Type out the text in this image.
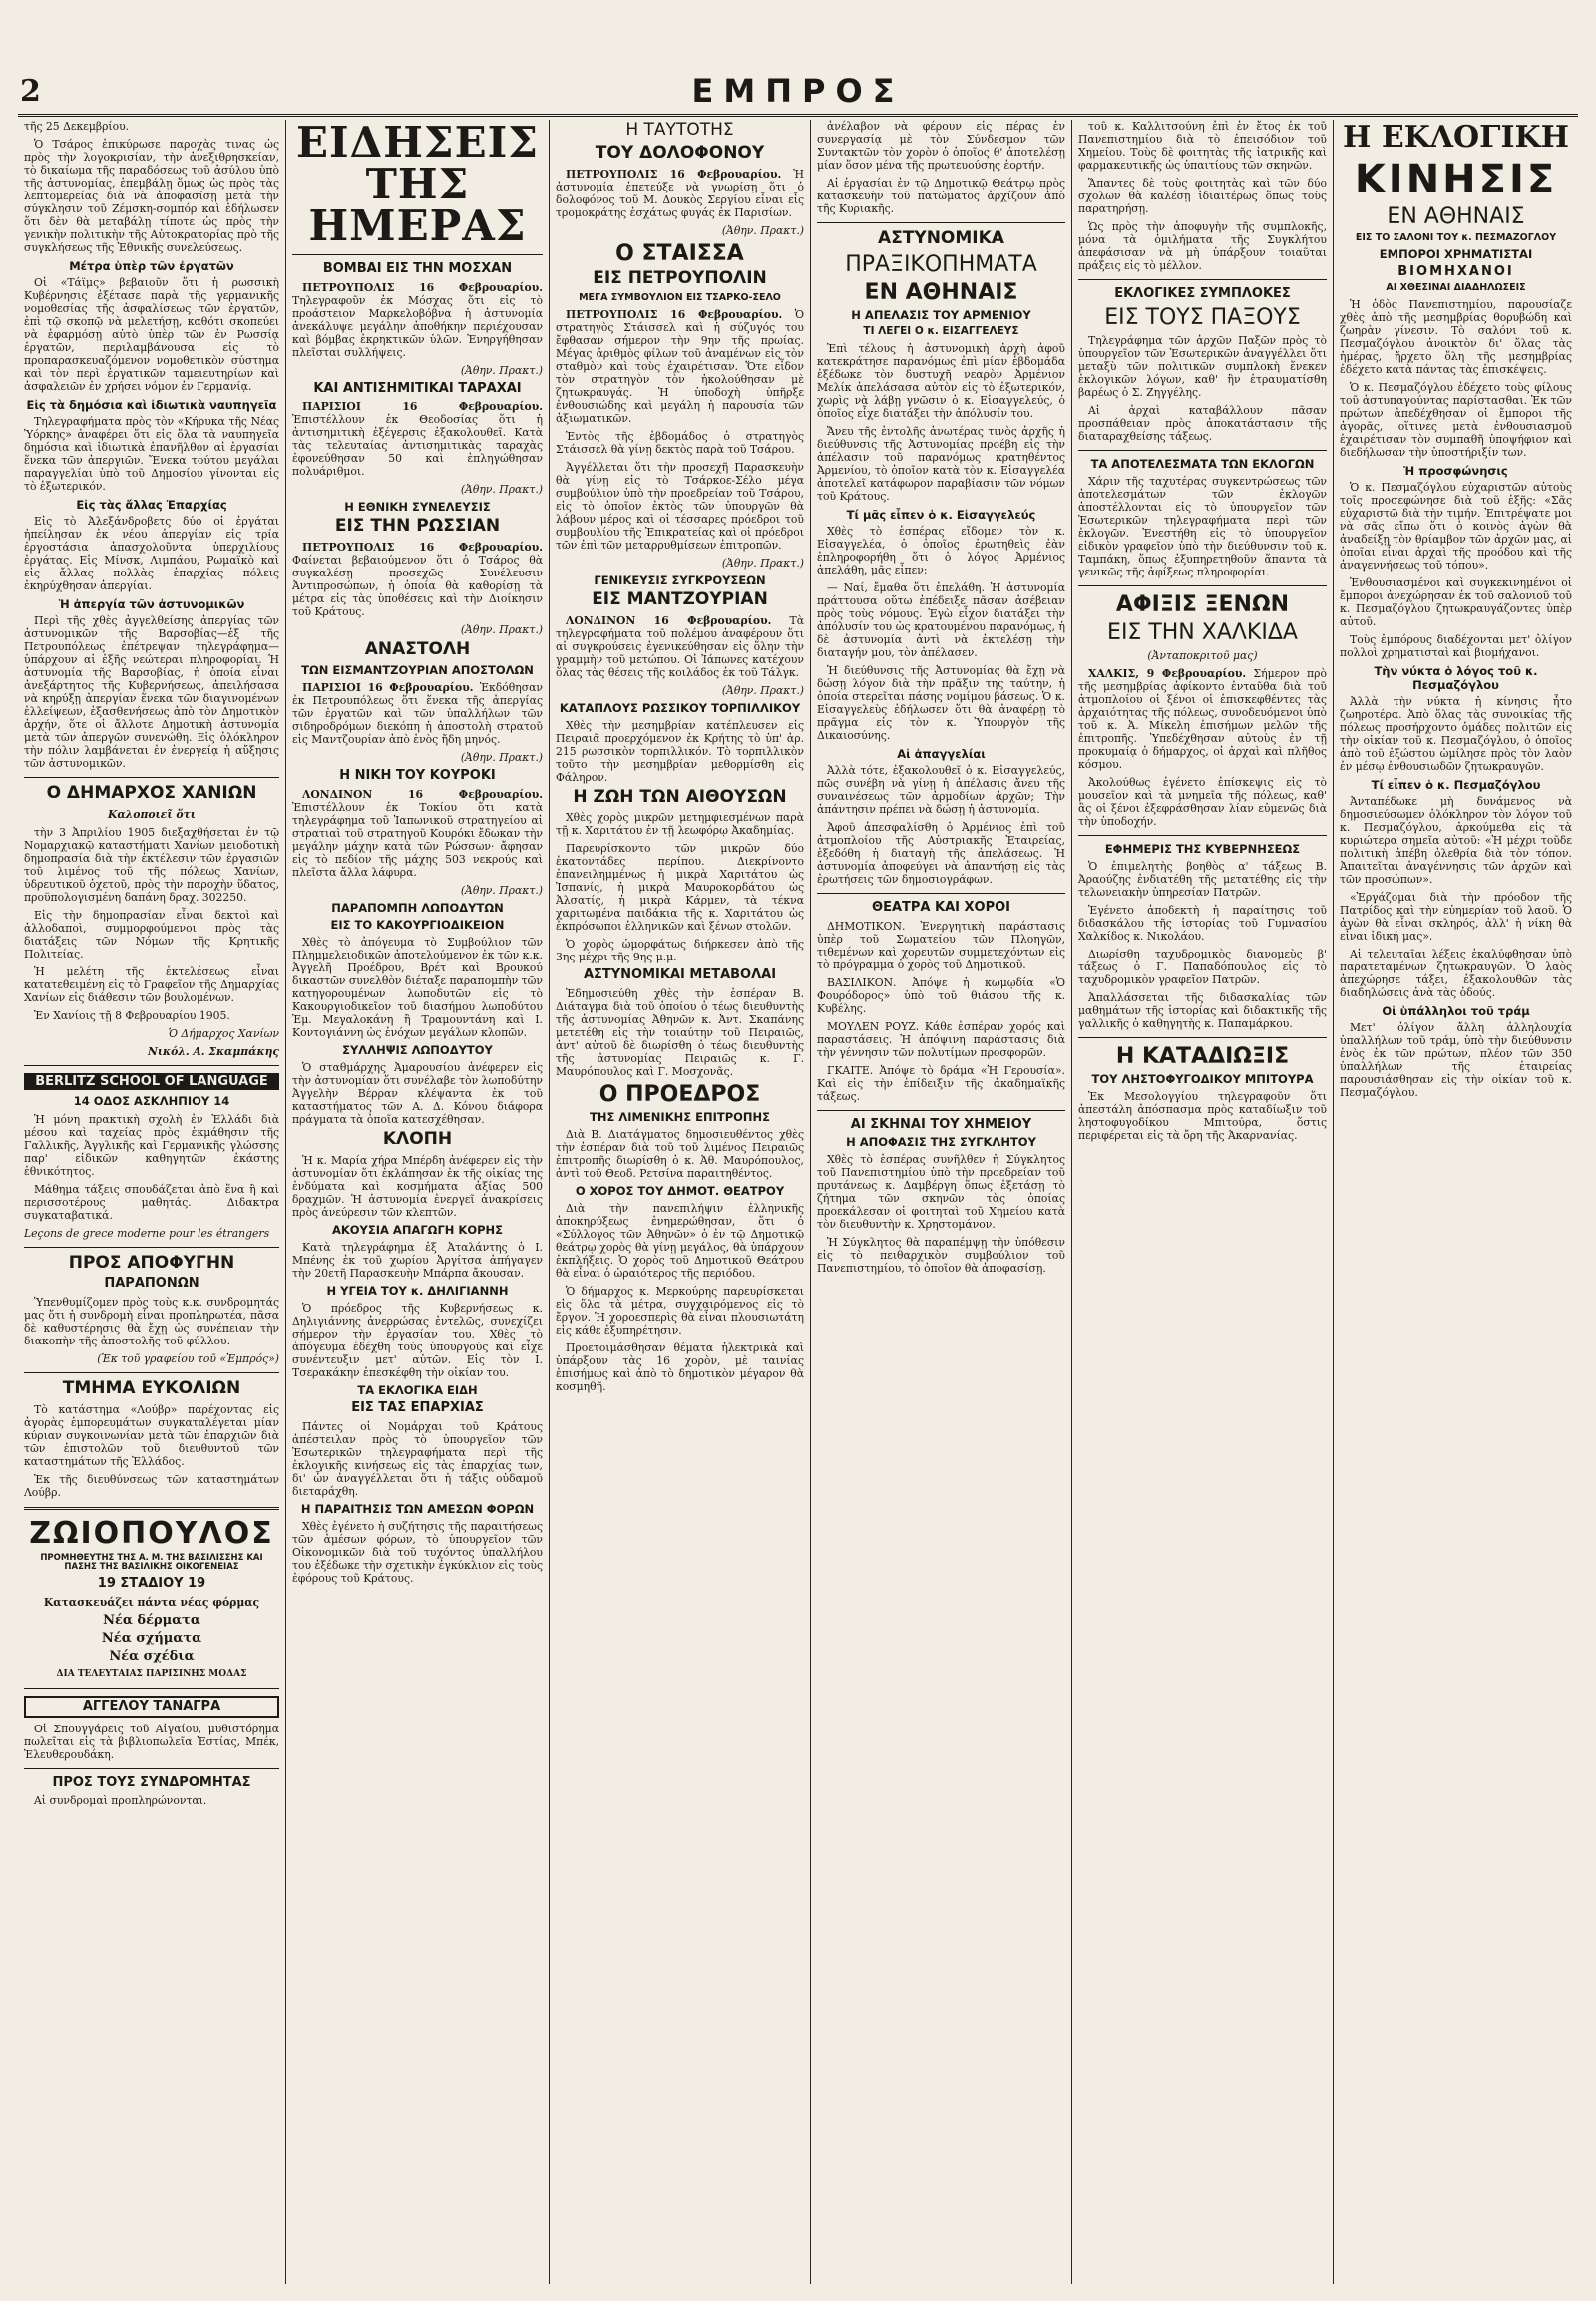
2	ΕΜΠΡΟΣ

τῆς 25 Δεκεμβρίου.

Ὁ Τσάρος ἐπικύρωσε παροχὰς τινας ὡς πρὸς τὴν λογοκρισίαν, τὴν ἀνεξιθρησκείαν, τὸ δικαίωμα τῆς παραδόσεως τοῦ ἀσύλου ὑπὸ τῆς ἀστυνομίας, ἐπεμβάλῃ ὅμως ὡς πρὸς τὰς λεπτομερείας διὰ νὰ ἀποφασίσῃ μετὰ τὴν σύγκλησιν τοῦ Ζέμσκη-σομπόρ καὶ ἐδήλωσεν ὅτι δὲν θὰ μεταβάλῃ τίποτε ὡς πρὸς τὴν γενικὴν πολιτικὴν τῆς Αὐτοκρατορίας πρὸ τῆς συγκλήσεως τῆς Ἐθνικῆς συνελεύσεως.

Μέτρα ὑπὲρ τῶν ἐργατῶν

Οἱ «Τάϊμς» βεβαιοῦν ὅτι ἡ ρωσσικὴ Κυβέρνησις ἐξέτασε παρὰ τῆς γερμανικῆς νομοθεσίας τῆς ἀσφαλίσεως τῶν ἐργατῶν, ἐπὶ τῷ σκοπῷ νὰ μελετήσῃ, καθότι σκοπεύει νὰ ἐφαρμόσῃ αὐτὸ ὑπὲρ τῶν ἐν Ρωσσίᾳ ἐργατῶν, περιλαμβάνουσα εἰς τὸ προπαρασκευαζόμενον νομοθετικὸν σύστημα καὶ τὸν περὶ ἐργατικῶν ταμειευτηρίων καὶ ἀσφαλειῶν ἐν χρήσει νόμον ἐν Γερμανίᾳ.

Εἰς τὰ δημόσια καὶ ἰδιωτικὰ ναυπηγεῖα

Τηλεγραφήματα πρὸς τὸν «Κήρυκα τῆς Νέας Ὑόρκης» ἀναφέρει ὅτι εἰς ὅλα τὰ ναυπηγεῖα δημόσια καὶ ἰδιωτικὰ ἐπανῆλθον αἱ ἐργασίαι ἕνεκα τῶν ἀπεργιῶν. Ἕνεκα τούτου μεγάλαι παραγγελίαι ὑπὸ τοῦ Δημοσίου γίνονται εἰς τὸ ἐξωτερικόν.

Εἰς τὰς ἄλλας Ἐπαρχίας

Εἰς τὸ Ἀλεξάνδροβετς δύο οἱ ἐργάται ἠπείλησαν ἐκ νέου ἀπεργίαν εἰς τρία ἐργοστάσια ἀπασχολοῦντα ὑπερχιλίους ἐργάτας. Εἰς Μίνσκ, Λιμπάου, Ρωμαϊκὸ καὶ εἰς ἄλλας πολλὰς ἐπαρχίας πόλεις ἐκηρύχθησαν ἀπεργίαι.

Ἡ ἀπεργία τῶν ἀστυνομικῶν

Περὶ τῆς χθὲς ἀγγελθείσης ἀπεργίας τῶν ἀστυνομικῶν τῆς Βαρσοβίας—ἐξ τῆς Πετρουπόλεως ἐπέτρεψαν τηλεγράφημα—ὑπάρχουν αἱ ἑξῆς νεώτεραι πληροφορίαι. Ἡ ἀστυνομία τῆς Βαρσοβίας, ἡ ὁποία εἶναι ἀνεξάρτητος τῆς Κυβερνήσεως, ἀπειλήσασα νὰ κηρύξῃ ἀπεργίαν ἕνεκα τῶν διαγινομένων ἐλλείψεων, ἐξασθενήσεως ἀπὸ τὸν Δημοτικὸν ἀρχήν, ὅτε οἱ ἄλλοτε Δημοτικὴ ἀστυνομία μετὰ τῶν ἀπεργῶν συνενώθη. Εἰς ὁλόκληρον τὴν πόλιν λαμβάνεται ἐν ἐνεργείᾳ ἡ αὔξησις τῶν ἀστυνομικῶν.

Ο ΔΗΜΑΡΧΟΣ ΧΑΝΙΩΝ

Καλοποιεῖ ὅτι

τὴν 3 Ἀπριλίου 1905 διεξαχθήσεται ἐν τῷ Νομαρχιακῷ καταστήματι Χανίων μειοδοτικὴ δημοπρασία διὰ τὴν ἐκτέλεσιν τῶν ἐργασιῶν τοῦ λιμένος τοῦ τῆς πόλεως Χανίων, ὑδρευτικοῦ ὀχετοῦ, πρὸς τὴν παροχὴν ὕδατος, προϋπολογισμένη δαπάνη δραχ. 302250.

Εἰς τὴν δημοπρασίαν εἶναι δεκτοὶ καὶ ἀλλοδαποὶ, συμμορφούμενοι πρὸς τὰς διατάξεις τῶν Νόμων τῆς Κρητικῆς Πολιτείας.

Ἡ μελέτη τῆς ἐκτελέσεως εἶναι κατατεθειμένη εἰς τὸ Γραφεῖον τῆς Δημαρχίας Χανίων εἰς διάθεσιν τῶν βουλομένων.

Ἐν Χανίοις τῇ 8 Φεβρουαρίου 1905.

Ὁ Δήμαρχος Χανίων

Νικόλ. Α. Σκαμπάκης

BERLITZ SCHOOL OF LANGUAGE
14 ΟΔΟΣ ΑΣΚΛΗΠΙΟΥ 14

Ἡ μόνη πρακτικὴ σχολὴ ἐν Ἑλλάδι διὰ μέσου καὶ ταχείας πρὸς ἐκμάθησιν τῆς Γαλλικῆς, Ἀγγλικῆς καὶ Γερμανικῆς γλώσσης παρ' εἰδικῶν καθηγητῶν ἐκάστης ἐθνικότητος.

Μάθημα τάξεις σπουδάζεται ἀπὸ ἕνα ἢ καὶ περισσοτέρους μαθητάς. Διδακτρα συγκαταβατικά.

Leçons de grece moderne pour les étrangers

ΠΡΟΣ ΑΠΟΦΥΓΗΝ
ΠΑΡΑΠΟΝΩΝ

Ὑπενθυμίζομεν πρὸς τοὺς κ.κ. συνδρομητάς μας ὅτι ἡ συνδρομὴ εἶναι προπληρωτέα, πᾶσα δὲ καθυστέρησις θὰ ἔχῃ ὡς συνέπειαν τὴν διακοπὴν τῆς ἀποστολῆς τοῦ φύλλου.

(Ἐκ τοῦ γραφείου τοῦ «Ἐμπρός»)

ΤΜΗΜΑ ΕΥΚΟΛΙΩΝ

Τὸ κατάστημα «Λούβρ» παρέχοντας εἰς ἀγορὰς ἐμπορευμάτων συγκαταλέγεται μίαν κύριαν συγκοινωνίαν μετὰ τῶν ἐπαρχιῶν διὰ τῶν ἐπιστολῶν τοῦ διευθυντοῦ τῶν καταστημάτων τῆς Ἑλλάδος.

Ἐκ τῆς διευθύνσεως τῶν καταστημάτων Λούβρ.

ΖΩΙΟΠΟΥΛΟΣ
ΠΡΟΜΗΘΕΥΤΗΣ ΤΗΣ Α. Μ. ΤΗΣ ΒΑΣΙΛΙΣΣΗΣ ΚΑΙ ΠΑΣΗΣ ΤΗΣ ΒΑΣΙΛΙΚΗΣ ΟΙΚΟΓΕΝΕΙΑΣ
19 ΣΤΑΔΙΟΥ 19

Κατασκευάζει πάντα νέας φόρμας

Νέα δέρματα

Νέα σχήματα

Νέα σχέδια

ΔΙΑ ΤΕΛΕΥΤΑΙΑΣ ΠΑΡΙΣΙΝΗΣ ΜΟΔΑΣ

ΑΓΓΕΛΟΥ ΤΑΝΑΓΡΑ

Οἱ Σπουγγάρεις τοῦ Αἰγαίου, μυθιστόρημα πωλεῖται εἰς τὰ βιβλιοπωλεῖα Ἑστίας, Μπέκ, Ἐλευθερουδάκη.

ΠΡΟΣ ΤΟΥΣ ΣΥΝΔΡΟΜΗΤΑΣ

Αἱ συνδρομαὶ προπληρώνονται.

ΕΙΔΗΣΕΙΣ ΤΗΣ ΗΜΕΡΑΣ
ΒΟΜΒΑΙ ΕΙΣ ΤΗΝ ΜΟΣΧΑΝ

ΠΕΤΡΟΥΠΟΛΙΣ 16 Φεβρουαρίου. Τηλεγραφοῦν ἐκ Μόσχας ὅτι εἰς τὸ προάστειον Μαρκελοβόβνα ἡ ἀστυνομία ἀνεκάλυψε μεγάλην ἀποθήκην περιέχουσαν καὶ βόμβας ἐκρηκτικῶν ὑλῶν. Ἐνηργήθησαν πλεῖσται συλλήψεις.

(Ἀθην. Πρακτ.)

ΚΑΙ ΑΝΤΙΣΗΜΙΤΙΚΑΙ ΤΑΡΑΧΑΙ

ΠΑΡΙΣΙΟΙ 16 Φεβρουαρίου. Ἐπιστέλλουν ἐκ Θεοδοσίας ὅτι ἡ ἀντισημιτικὴ ἐξέγερσις ἐξακολουθεῖ. Κατὰ τὰς τελευταίας ἀντισημιτικὰς ταραχὰς ἐφονεύθησαν 50 καὶ ἐπληγώθησαν πολυάριθμοι.

(Ἀθην. Πρακτ.)

Η ΕΘΝΙΚΗ ΣΥΝΕΛΕΥΣΙΣ
ΕΙΣ ΤΗΝ ΡΩΣΣΙΑΝ

ΠΕΤΡΟΥΠΟΛΙΣ 16 Φεβρουαρίου. Φαίνεται βεβαιούμενον ὅτι ὁ Τσάρος θὰ συγκαλέσῃ προσεχῶς Συνέλευσιν Ἀντιπροσώπων, ἡ ὁποία θὰ καθορίσῃ τὰ μέτρα εἰς τὰς ὑποθέσεις καὶ τὴν Διοίκησιν τοῦ Κράτους.

(Ἀθην. Πρακτ.)

ΑΝΑΣΤΟΛΗ
ΤΩΝ ΕΙΣΜΑΝΤΖΟΥΡΙΑΝ ΑΠΟΣΤΟΛΩΝ

ΠΑΡΙΣΙΟΙ 16 Φεβρουαρίου. Ἐκδόθησαν ἐκ Πετρουπόλεως ὅτι ἕνεκα τῆς ἀπεργίας τῶν ἐργατῶν καὶ τῶν ὑπαλλήλων τῶν σιδηροδρόμων διεκόπη ἡ ἀποστολὴ στρατοῦ εἰς Μαντζουρίαν ἀπὸ ἑνὸς ἤδη μηνός.

(Ἀθην. Πρακτ.)

Η ΝΙΚΗ ΤΟΥ ΚΟΥΡΟΚΙ

ΛΟΝΔΙΝΟΝ 16 Φεβρουαρίου. Ἐπιστέλλουν ἐκ Τοκίου ὅτι κατὰ τηλεγράφημα τοῦ Ἰαπωνικοῦ στρατηγείου αἱ στρατιαὶ τοῦ στρατηγοῦ Κουρόκι ἔδωκαν τὴν μεγάλην μάχην κατὰ τῶν Ρώσσων· ἄφησαν εἰς τὸ πεδίον τῆς μάχης 503 νεκρούς καὶ πλεῖστα ἄλλα λάφυρα.

(Ἀθην. Πρακτ.)

ΠΑΡΑΠΟΜΠΗ ΛΩΠΟΔΥΤΩΝ
ΕΙΣ ΤΟ ΚΑΚΟΥΡΓΙΟΔΙΚΕΙΟΝ

Χθὲς τὸ ἀπόγευμα τὸ Συμβούλιον τῶν Πλημμελειοδικῶν ἀποτελούμενον ἐκ τῶν κ.κ. Ἀγγελῆ Προέδρου, Βρέτ καὶ Βρουκού δικαστῶν συνελθὸν διέταξε παραπομπὴν τῶν κατηγορουμένων λωποδυτῶν εἰς τὸ Κακουργιοδικεῖον τοῦ διασήμου λωποδύτου Ἐμ. Μεγαλοκάνη ἢ Τραμουντάνη καὶ Ι. Κοντογιάννη ὡς ἐνόχων μεγάλων κλοπῶν.

ΣΥΛΛΗΨΙΣ ΛΩΠΟΔΥΤΟΥ

Ὁ σταθμάρχης Ἀμαρουσίου ἀνέφερεν εἰς τὴν ἀστυνομίαν ὅτι συνέλαβε τὸν λωποδύτην Ἀγγελὴν Βέρραν κλέψαντα ἐκ τοῦ καταστήματος τῶν Α. Δ. Κόνου διάφορα πράγματα τὰ ὁποῖα κατεσχέθησαν.

ΚΛΟΠΗ

Ἡ κ. Μαρία χήρα Μπέρδη ἀνέφερεν εἰς τὴν ἀστυνομίαν ὅτι ἐκλάπησαν ἐκ τῆς οἰκίας της ἐνδύματα καὶ κοσμήματα ἀξίας 500 δραχμῶν. Ἡ ἀστυνομία ἐνεργεῖ ἀνακρίσεις πρὸς ἀνεύρεσιν τῶν κλεπτῶν.

ΑΚΟΥΣΙΑ ΑΠΑΓΩΓΗ ΚΟΡΗΣ

Κατὰ τηλεγράφημα ἐξ Ἀταλάντης ὁ Ι. Μπένης ἐκ τοῦ χωρίου Ἀργίτσα ἀπήγαγεν τὴν 20ετῆ Παρασκευὴν Μπάρπα ἄκουσαν.

Η ΥΓΕΙΑ ΤΟΥ κ. ΔΗΛΙΓΙΑΝΝΗ

Ὁ πρόεδρος τῆς Κυβερνήσεως κ. Δηλιγιάννης ἀνερρώσας ἐντελῶς, συνεχίζει σήμερον τὴν ἐργασίαν του. Χθὲς τὸ ἀπόγευμα ἐδέχθη τοὺς ὑπουργοὺς καὶ εἶχε συνέντευξιν μετ' αὐτῶν. Εἰς τὸν Ι. Τσερακάκην ἐπεσκέφθη τὴν οἰκίαν του.

ΤΑ ΕΚΛΟΓΙΚΑ ΕΙΔΗ
ΕΙΣ ΤΑΣ ΕΠΑΡΧΙΑΣ

Πάντες οἱ Νομάρχαι τοῦ Κράτους ἀπέστειλαν πρὸς τὸ ὑπουργεῖον τῶν Ἐσωτερικῶν τηλεγραφήματα περὶ τῆς ἐκλογικῆς κινήσεως εἰς τὰς ἐπαρχίας των, δι' ὧν ἀναγγέλλεται ὅτι ἡ τάξις οὐδαμοῦ διεταράχθη.

Η ΠΑΡΑΙΤΗΣΙΣ ΤΩΝ ΑΜΕΣΩΝ ΦΟΡΩΝ

Χθὲς ἐγένετο ἡ συζήτησις τῆς παραιτήσεως τῶν ἀμέσων φόρων, τὸ ὑπουργεῖον τῶν Οἰκονομικῶν διὰ τοῦ τυχόντος ὑπαλλήλου του ἐξέδωκε τὴν σχετικὴν ἐγκύκλιον εἰς τοὺς ἐφόρους τοῦ Κράτους.

Η ΤΑΥΤΟΤΗΣ
ΤΟΥ ΔΟΛΟΦΟΝΟΥ

ΠΕΤΡΟΥΠΟΛΙΣ 16 Φεβρουαρίου. Ἡ ἀστυνομία ἐπετεύξε νὰ γνωρίσῃ ὅτι ὁ δολοφόνος τοῦ Μ. Δουκὸς Σεργίου εἶναι εἷς τρομοκράτης ἐσχάτως φυγάς ἐκ Παρισίων.

(Ἀθην. Πρακτ.)

Ο ΣΤΑΙΣΣΑ
ΕΙΣ ΠΕΤΡΟΥΠΟΛΙΝ
ΜΕΓΑ ΣΥΜΒΟΥΛΙΟΝ ΕΙΣ ΤΣΑΡΚΟ-ΣΕΛΟ

ΠΕΤΡΟΥΠΟΛΙΣ 16 Φεβρουαρίου. Ὁ στρατηγὸς Στάισσελ καὶ ἡ σύζυγός του ἔφθασαν σήμερον τὴν 9ην τῆς πρωίας. Μέγας ἀριθμὸς φίλων τοῦ ἀναμένων εἰς τὸν σταθμὸν καὶ τοὺς ἐχαιρέτισαν. Ὅτε εἶδον τὸν στρατηγὸν τὸν ἠκολούθησαν μὲ ζητωκραυγάς. Ἡ ὑποδοχὴ ὑπῆρξε ἐνθουσιώδης καὶ μεγάλη ἡ παρουσία τῶν ἀξιωματικῶν.

Ἐντὸς τῆς ἑβδομάδος ὁ στρατηγὸς Στάισσελ θὰ γίνῃ δεκτὸς παρὰ τοῦ Τσάρου.

Ἀγγέλλεται ὅτι τὴν προσεχῆ Παρασκευὴν θὰ γίνῃ εἰς τὸ Τσάρκοε-Σέλο μέγα συμβούλιον ὑπὸ τὴν προεδρείαν τοῦ Τσάρου, εἰς τὸ ὁποῖον ἐκτὸς τῶν ὑπουργῶν θὰ λάβουν μέρος καὶ οἱ τέσσαρες πρόεδροι τοῦ συμβουλίου τῆς Ἐπικρατείας καὶ οἱ πρόεδροι τῶν ἐπὶ τῶν μεταρρυθμίσεων ἐπιτροπῶν.

(Ἀθην. Πρακτ.)

ΓΕΝΙΚΕΥΣΙΣ ΣΥΓΚΡΟΥΣΕΩΝ
ΕΙΣ ΜΑΝΤΖΟΥΡΙΑΝ

ΛΟΝΔΙΝΟΝ 16 Φεβρουαρίου. Τὰ τηλεγραφήματα τοῦ πολέμου ἀναφέρουν ὅτι αἱ συγκρούσεις ἐγενικεύθησαν εἰς ὅλην τὴν γραμμὴν τοῦ μετώπου. Οἱ Ἰάπωνες κατέχουν ὅλας τὰς θέσεις τῆς κοιλάδος ἐκ τοῦ Τάλγκ.

(Ἀθην. Πρακτ.)

ΚΑΤΑΠΛΟΥΣ ΡΩΣΣΙΚΟΥ ΤΟΡΠΙΛΛΙΚΟΥ

Χθὲς τὴν μεσημβρίαν κατέπλευσεν εἰς Πειραιᾶ προερχόμενον ἐκ Κρήτης τὸ ὑπ' ἀρ. 215 ρωσσικὸν τορπιλλικόν. Τὸ τορπιλλικὸν τοῦτο τὴν μεσημβρίαν μεθορμίσθη εἰς Φάληρον.

Η ΖΩΗ ΤΩΝ ΑΙΘΟΥΣΩΝ

Χθὲς χορὸς μικρῶν μετημφιεσμένων παρὰ τῇ κ. Χαριτάτου ἐν τῇ λεωφόρῳ Ἀκαδημίας.

Παρευρίσκοντο τῶν μικρῶν δύο ἑκατοντάδες περίπου. Διεκρίνοντο ἐπανειλημμένως ἡ μικρὰ Χαριτάτου ὡς Ἰσπανίς, ἡ μικρὰ Μαυροκορδάτου ὡς Ἀλσατίς, ἡ μικρὰ Κάρμεν, τὰ τέκνα χαριτωμένα παιδάκια τῆς κ. Χαριτάτου ὡς ἐκπρόσωποι ἑλληνικῶν καὶ ξένων στολῶν.

Ὁ χορὸς ὡμορφάτως διήρκεσεν ἀπὸ τῆς 3ης μέχρι τῆς 9ης μ.μ.

ΑΣΤΥΝΟΜΙΚΑΙ ΜΕΤΑΒΟΛΑΙ

Ἐδημοσιεύθη χθὲς τὴν ἑσπέραν Β. Διάταγμα διὰ τοῦ ὁποίου ὁ τέως διευθυντὴς τῆς ἀστυνομίας Ἀθηνῶν κ. Ἀντ. Σκαπάνης μετετέθη εἰς τὴν τοιαύτην τοῦ Πειραιῶς, ἀντ' αὐτοῦ δὲ διωρίσθη ὁ τέως διευθυντὴς τῆς ἀστυνομίας Πειραιῶς κ. Γ. Μαυρόπουλος καὶ Γ. Μοσχονᾶς.

Ο ΠΡΟΕΔΡΟΣ
ΤΗΣ ΛΙΜΕΝΙΚΗΣ ΕΠΙΤΡΟΠΗΣ

Διὰ Β. Διατάγματος δημοσιευθέντος χθὲς τὴν ἑσπέραν διὰ τοῦ τοῦ λιμένος Πειραιῶς ἐπιτροπῆς διωρίσθη ὁ κ. Ἀθ. Μαυρόπουλος, ἀντὶ τοῦ Θεοδ. Ρετσίνα παραιτηθέντος.

Ο ΧΟΡΟΣ ΤΟΥ ΔΗΜΟΤ. ΘΕΑΤΡΟΥ

Διὰ τὴν πανεπιλήψιν ἑλληνικῆς ἀποκηρύξεως ἐνημερώθησαν, ὅτι ὁ «Σύλλογος τῶν Ἀθηνῶν» ὁ ἐν τῷ Δημοτικῷ θεάτρῳ χορὸς θὰ γίνῃ μεγάλος, θὰ ὑπάρχουν ἐκπλήξεις. Ὁ χορὸς τοῦ Δημοτικοῦ Θεάτρου θὰ εἶναι ὁ ὡραιότερος τῆς περιόδου.

Ὁ δήμαρχος κ. Μερκούρης παρευρίσκεται εἰς ὅλα τὰ μέτρα, συγχαιρόμενος εἰς τὸ ἔργον. Ἡ χοροεσπερὶς θὰ εἶναι πλουσιωτάτη εἰς κάθε ἐξυπηρέτησιν.

Προετοιμάσθησαν θέματα ἠλεκτρικὰ καὶ ὑπάρξουν τὰς 16 χορὸν, μὲ ταινίας ἐπισήμως καὶ ἀπὸ τὸ δημοτικὸν μέγαρον θὰ κοσμηθῇ.

ἀνέλαβον νὰ φέρουν εἰς πέρας ἐν συνεργασίᾳ μὲ τὸν Σύνδεσμον τῶν Συντακτῶν τὸν χορὸν ὁ ὁποῖος θ' ἀποτελέσῃ μίαν ὅσον μένα τῆς πρωτευούσης ἑορτήν.

Αἱ ἐργασίαι ἐν τῷ Δημοτικῷ Θεάτρῳ πρὸς κατασκευὴν τοῦ πατώματος ἀρχίζουν ἀπὸ τῆς Κυριακῆς.

ΑΣΤΥΝΟΜΙΚΑ
ΠΡΑΞΙΚΟΠΗΜΑΤΑ
ΕΝ ΑΘΗΝΑΙΣ
Η ΑΠΕΛΑΣΙΣ ΤΟΥ ΑΡΜΕΝΙΟΥ
ΤΙ ΛΕΓΕΙ Ο κ. ΕΙΣΑΓΓΕΛΕΥΣ

Ἐπὶ τέλους ἡ ἀστυνομικὴ ἀρχὴ ἀφοῦ κατεκράτησε παρανόμως ἐπὶ μίαν ἑβδομάδα ἐξέδωκε τὸν δυστυχῆ νεαρὸν Ἀρμένιον Μελίκ ἀπελάσασα αὐτὸν εἰς τὸ ἐξωτερικόν, χωρὶς νὰ λάβῃ γνῶσιν ὁ κ. Εἰσαγγελεύς, ὁ ὁποῖος εἶχε διατάξει τὴν ἀπόλυσίν του.

Ἄνευ τῆς ἐντολῆς ἀνωτέρας τινὸς ἀρχῆς ἡ διεύθυνσις τῆς Ἀστυνομίας προέβη εἰς τὴν ἀπέλασιν τοῦ παρανόμως κρατηθέντος Ἀρμενίου, τὸ ὁποῖον κατὰ τὸν κ. Εἰσαγγελέα ἀποτελεῖ κατάφωρον παραβίασιν τῶν νόμων τοῦ Κράτους.

Τί μᾶς εἶπεν ὁ κ. Εἰσαγγελεύς

Χθὲς τὸ ἑσπέρας εἴδομεν τὸν κ. Εἰσαγγελέα, ὁ ὁποῖος ἐρωτηθεὶς ἐὰν ἐπληροφορήθη ὅτι ὁ λόγος Ἀρμένιος ἀπελάθη, μᾶς εἶπεν:

— Ναί, ἔμαθα ὅτι ἐπελάθη. Ἡ ἀστυνομία πράττουσα οὕτω ἐπέδειξε πᾶσαν ἀσέβειαν πρὸς τοὺς νόμους. Ἐγὼ εἶχον διατάξει τὴν ἀπόλυσίν του ὡς κρατουμένου παρανόμως, ἡ δὲ ἀστυνομία ἀντὶ νὰ ἐκτελέσῃ τὴν διαταγήν μου, τὸν ἀπέλασεν.

Ἡ διεύθυνσις τῆς Ἀστυνομίας θὰ ἔχῃ νὰ δώσῃ λόγον διὰ τὴν πρᾶξιν της ταύτην, ἡ ὁποία στερεῖται πάσης νομίμου βάσεως. Ὁ κ. Εἰσαγγελεὺς ἐδήλωσεν ὅτι θὰ ἀναφέρῃ τὸ πρᾶγμα εἰς τὸν κ. Ὑπουργὸν τῆς Δικαιοσύνης.

Αἱ ἀπαγγελίαι

Ἀλλὰ τότε, ἐξακολουθεῖ ὁ κ. Εἰσαγγελεύς, πῶς συνέβη νὰ γίνῃ ἡ ἀπέλασις ἄνευ τῆς συναινέσεως τῶν ἀρμοδίων ἀρχῶν; Τὴν ἀπάντησιν πρέπει νὰ δώσῃ ἡ ἀστυνομία.

Ἀφοῦ ἀπεσφαλίσθη ὁ Ἀρμένιος ἐπὶ τοῦ ἀτμοπλοίου τῆς Αὐστριακῆς Ἑταιρείας, ἐξεδόθη ἡ διαταγὴ τῆς ἀπελάσεως. Ἡ ἀστυνομία ἀποφεύγει νὰ ἀπαντήσῃ εἰς τὰς ἐρωτήσεις τῶν δημοσιογράφων.

ΘΕΑΤΡΑ ΚΑΙ ΧΟΡΟΙ

ΔΗΜΟΤΙΚΟΝ. Ἐνεργητικὴ παράστασις ὑπὲρ τοῦ Σωματείου τῶν Πλοηγῶν, τιθεμένων καὶ χορευτῶν συμμετεχόντων εἰς τὸ πρόγραμμα ὁ χορὸς τοῦ Δημοτικοῦ.

ΒΑΣΙΛΙΚΟΝ. Ἀπόψε ἡ κωμῳδία «Ὁ Φουρόδορος» ὑπὸ τοῦ θιάσου τῆς κ. Κυβέλης.

ΜΟΥΛΕΝ ΡΟΥΖ. Κάθε ἑσπέραν χορός καὶ παραστάσεις. Ἡ ἀπόψινη παράστασις διὰ τὴν γέννησιν τῶν πολυτίμων προσφορῶν.

ΓΚΑΙΤΕ. Ἀπόψε τὸ δράμα «Ἡ Γερουσία». Καὶ εἰς τὴν ἐπίδειξιν τῆς ἀκαδημαϊκῆς τάξεως.

ΑΙ ΣΚΗΝΑΙ ΤΟΥ ΧΗΜΕΙΟΥ
Η ΑΠΟΦΑΣΙΣ ΤΗΣ ΣΥΓΚΛΗΤΟΥ

Χθὲς τὸ ἑσπέρας συνῆλθεν ἡ Σύγκλητος τοῦ Πανεπιστημίου ὑπὸ τὴν προεδρείαν τοῦ πρυτάνεως κ. Δαμβέργη ὅπως ἐξετάσῃ τὸ ζήτημα τῶν σκηνῶν τὰς ὁποίας προεκάλεσαν οἱ φοιτηταὶ τοῦ Χημείου κατὰ τὸν διευθυντὴν κ. Χρηστομάνον.

Ἡ Σύγκλητος θὰ παραπέμψῃ τὴν ὑπόθεσιν εἰς τὸ πειθαρχικὸν συμβούλιον τοῦ Πανεπιστημίου, τὸ ὁποῖον θὰ ἀποφασίσῃ.

τοῦ κ. Καλλιτσούνη ἐπὶ ἐν ἔτος ἐκ τοῦ Πανεπιστημίου διὰ τὸ ἐπεισόδιον τοῦ Χημείου. Τοὺς δὲ φοιτητὰς τῆς ἰατρικῆς καὶ φαρμακευτικῆς ὡς ὑπαιτίους τῶν σκηνῶν.

Ἅπαντες δὲ τοὺς φοιτητὰς καὶ τῶν δύο σχολῶν θὰ καλέσῃ ἰδιαιτέρως ὅπως τοὺς παρατηρήσῃ.

Ὡς πρὸς τὴν ἀποφυγὴν τῆς συμπλοκῆς, μόνα τὰ ὁμιλήματα τῆς Συγκλήτου ἀπεφάσισαν νὰ μὴ ὑπάρξουν τοιαῦται πράξεις εἰς τὸ μέλλον.

ΕΚΛΟΓΙΚΕΣ ΣΥΜΠΛΟΚΕΣ
ΕΙΣ ΤΟΥΣ ΠΑΞΟΥΣ

Τηλεγράφημα τῶν ἀρχῶν Παξῶν πρὸς τὸ ὑπουργεῖον τῶν Ἐσωτερικῶν ἀναγγέλλει ὅτι μεταξὺ τῶν πολιτικῶν συμπλοκὴ ἕνεκεν ἐκλογικῶν λόγων, καθ' ἣν ἐτραυματίσθη βαρέως ὁ Σ. Ζηγγέλης.

Αἱ ἀρχαὶ καταβάλλουν πᾶσαν προσπάθειαν πρὸς ἀποκατάστασιν τῆς διαταραχθείσης τάξεως.

ΤΑ ΑΠΟΤΕΛΕΣΜΑΤΑ ΤΩΝ ΕΚΛΟΓΩΝ

Χάριν τῆς ταχυτέρας συγκεντρώσεως τῶν ἀποτελεσμάτων τῶν ἐκλογῶν ἀποστέλλονται εἰς τὸ ὑπουργεῖον τῶν Ἐσωτερικῶν τηλεγραφήματα περὶ τῶν ἐκλογῶν. Ἐνεστήθη εἰς τὸ ὑπουργεῖον εἰδικὸν γραφεῖον ὑπὸ τὴν διεύθυνσιν τοῦ κ. Ταμπάκη, ὅπως ἐξυπηρετηθοῦν ἅπαντα τὰ γενικῶς τῆς ἀφίξεως πληροφορίαι.

ΑΦΙΞΙΣ ΞΕΝΩΝ
ΕΙΣ ΤΗΝ ΧΑΛΚΙΔΑ

(Ἀνταποκριτοῦ μας)

ΧΑΛΚΙΣ, 9 Φεβρουαρίου. Σήμερον πρὸ τῆς μεσημβρίας ἀφίκοντο ἐνταῦθα διὰ τοῦ ἀτμοπλοίου οἱ ξένοι οἱ ἐπισκεφθέντες τὰς ἀρχαιότητας τῆς πόλεως, συνοδευόμενοι ὑπὸ τοῦ κ. Ἀ. Μίκελη ἐπισήμων μελῶν τῆς ἐπιτροπῆς. Ὑπεδέχθησαν αὐτοὺς ἐν τῇ προκυμαίᾳ ὁ δήμαρχος, οἱ ἀρχαὶ καὶ πλῆθος κόσμου.

Ἀκολούθως ἐγένετο ἐπίσκεψις εἰς τὸ μουσεῖον καὶ τὰ μνημεῖα τῆς πόλεως, καθ' ἃς οἱ ξένοι ἐξεφράσθησαν λίαν εὐμενῶς διὰ τὴν ὑποδοχήν.

ΕΦΗΜΕΡΙΣ ΤΗΣ ΚΥΒΕΡΝΗΣΕΩΣ

Ὁ ἐπιμελητὴς βοηθὸς α' τάξεως Β. Ἀραούζης ἐνδιατέθη τῆς μετατέθης εἰς τὴν τελωνειακὴν ὑπηρεσίαν Πατρῶν.

Ἐγένετο ἀποδεκτὴ ἡ παραίτησις τοῦ διδασκάλου τῆς ἱστορίας τοῦ Γυμνασίου Χαλκίδος κ. Νικολάου.

Διωρίσθη ταχυδρομικὸς διανομεὺς β' τάξεως ὁ Γ. Παπαδόπουλος εἰς τὸ ταχυδρομικὸν γραφεῖον Πατρῶν.

Ἀπαλλάσσεται τῆς διδασκαλίας τῶν μαθημάτων τῆς ἱστορίας καὶ διδακτικῆς τῆς γαλλικῆς ὁ καθηγητὴς κ. Παπαμάρκου.

Η ΚΑΤΑΔΙΩΞΙΣ
ΤΟΥ ΛΗΣΤΟΦΥΓΟΔΙΚΟΥ ΜΠΙΤΟΥΡΑ

Ἐκ Μεσολογγίου τηλεγραφοῦν ὅτι ἀπεστάλη ἀπόσπασμα πρὸς καταδίωξιν τοῦ ληστοφυγοδίκου Μπιτούρα, ὅστις περιφέρεται εἰς τὰ ὄρη τῆς Ἀκαρνανίας.

Η ΕΚΛΟΓΙΚΗ
ΚΙΝΗΣΙΣ
ΕΝ ΑΘΗΝΑΙΣ
ΕΙΣ ΤΟ ΣΑΛΟΝΙ ΤΟΥ κ. ΠΕΣΜΑΖΟΓΛΟΥ
ΕΜΠΟΡΟΙ ΧΡΗΜΑΤΙΣΤΑΙ
ΒΙΟΜΗΧΑΝΟΙ
ΑΙ ΧΘΕΣΙΝΑΙ ΔΙΑΔΗΛΩΣΕΙΣ

Ἡ ὁδὸς Πανεπιστημίου, παρουσίαζε χθὲς ἀπὸ τῆς μεσημβρίας θορυβώδη καὶ ζωηρὰν γίνεσιν. Τὸ σαλόνι τοῦ κ. Πεσμαζόγλου ἀνοικτὸν δι' ὅλας τὰς ἡμέρας, ἤρχετο ὅλη τῆς μεσημβρίας ἐδέχετο κατὰ πάντας τὰς ἐπισκέψεις.

Ὁ κ. Πεσμαζόγλου ἐδέχετο τοὺς φίλους τοῦ ἀστυπαγούντας παρίστασθαι. Ἐκ τῶν πρώτων ἀπεδέχθησαν οἱ ἔμποροι τῆς ἀγορᾶς, οἵτινες μετὰ ἐνθουσιασμοῦ ἐχαιρέτισαν τὸν συμπαθῆ ὑποψήφιον καὶ διεδήλωσαν τὴν ὑποστήριξίν των.

Ἡ προσφώνησις

Ὁ κ. Πεσμαζόγλου εὐχαριστῶν αὐτοὺς τοῖς προσεφώνησε διὰ τοῦ ἑξῆς: «Σᾶς εὐχαριστῶ διὰ τὴν τιμήν. Ἐπιτρέψατε μοι νὰ σᾶς εἴπω ὅτι ὁ κοινὸς ἀγὼν θὰ ἀναδείξῃ τὸν θρίαμβον τῶν ἀρχῶν μας, αἱ ὁποῖαι εἶναι ἀρχαὶ τῆς προόδου καὶ τῆς ἀναγεννήσεως τοῦ τόπου».

Ἐνθουσιασμένοι καὶ συγκεκινημένοι οἱ ἔμποροι ἀνεχώρησαν ἐκ τοῦ σαλονιοῦ τοῦ κ. Πεσμαζόγλου ζητωκραυγάζοντες ὑπὲρ αὐτοῦ.

Τοὺς ἐμπόρους διαδέχονται μετ' ὀλίγον πολλοὶ χρηματισταὶ καὶ βιομήχανοι.

Τὴν νύκτα ὁ λόγος τοῦ κ. Πεσμαζόγλου

Ἀλλὰ τὴν νύκτα ἡ κίνησις ἦτο ζωηροτέρα. Ἀπὸ ὅλας τὰς συνοικίας τῆς πόλεως προσήρχοντο ὁμάδες πολιτῶν εἰς τὴν οἰκίαν τοῦ κ. Πεσμαζόγλου, ὁ ὁποῖος ἀπὸ τοῦ ἐξώστου ὡμίλησε πρὸς τὸν λαὸν ἐν μέσῳ ἐνθουσιωδῶν ζητωκραυγῶν.

Τί εἶπεν ὁ κ. Πεσμαζόγλου

Ἀνταπέδωκε μὴ δυνάμενος νὰ δημοσιεύσωμεν ὁλόκληρον τὸν λόγον τοῦ κ. Πεσμαζόγλου, ἀρκούμεθα εἰς τὰ κυριώτερα σημεῖα αὐτοῦ: «Ἡ μέχρι τοῦδε πολιτικὴ ἀπέβη ὀλεθρία διὰ τὸν τόπον. Ἀπαιτεῖται ἀναγέννησις τῶν ἀρχῶν καὶ τῶν προσώπων».

«Ἐργάζομαι διὰ τὴν πρόοδον τῆς Πατρίδος καὶ τὴν εὐημερίαν τοῦ λαοῦ. Ὁ ἀγὼν θὰ εἶναι σκληρός, ἀλλ' ἡ νίκη θὰ εἶναι ἰδική μας».

Αἱ τελευταῖαι λέξεις ἐκαλύφθησαν ὑπὸ παρατεταμένων ζητωκραυγῶν. Ὁ λαὸς ἀπεχώρησε τάξει, ἐξακολουθῶν τὰς διαδηλώσεις ἀνὰ τὰς ὁδούς.

Οἱ ὑπάλληλοι τοῦ τράμ

Μετ' ὀλίγον ἄλλη ἀλληλουχία ὑπαλλήλων τοῦ τράμ, ὑπὸ τὴν διεύθυνσιν ἑνὸς ἐκ τῶν πρώτων, πλέον τῶν 350 ὑπαλλήλων τῆς ἑταιρείας παρουσιάσθησαν εἰς τὴν οἰκίαν τοῦ κ. Πεσμαζόγλου.
